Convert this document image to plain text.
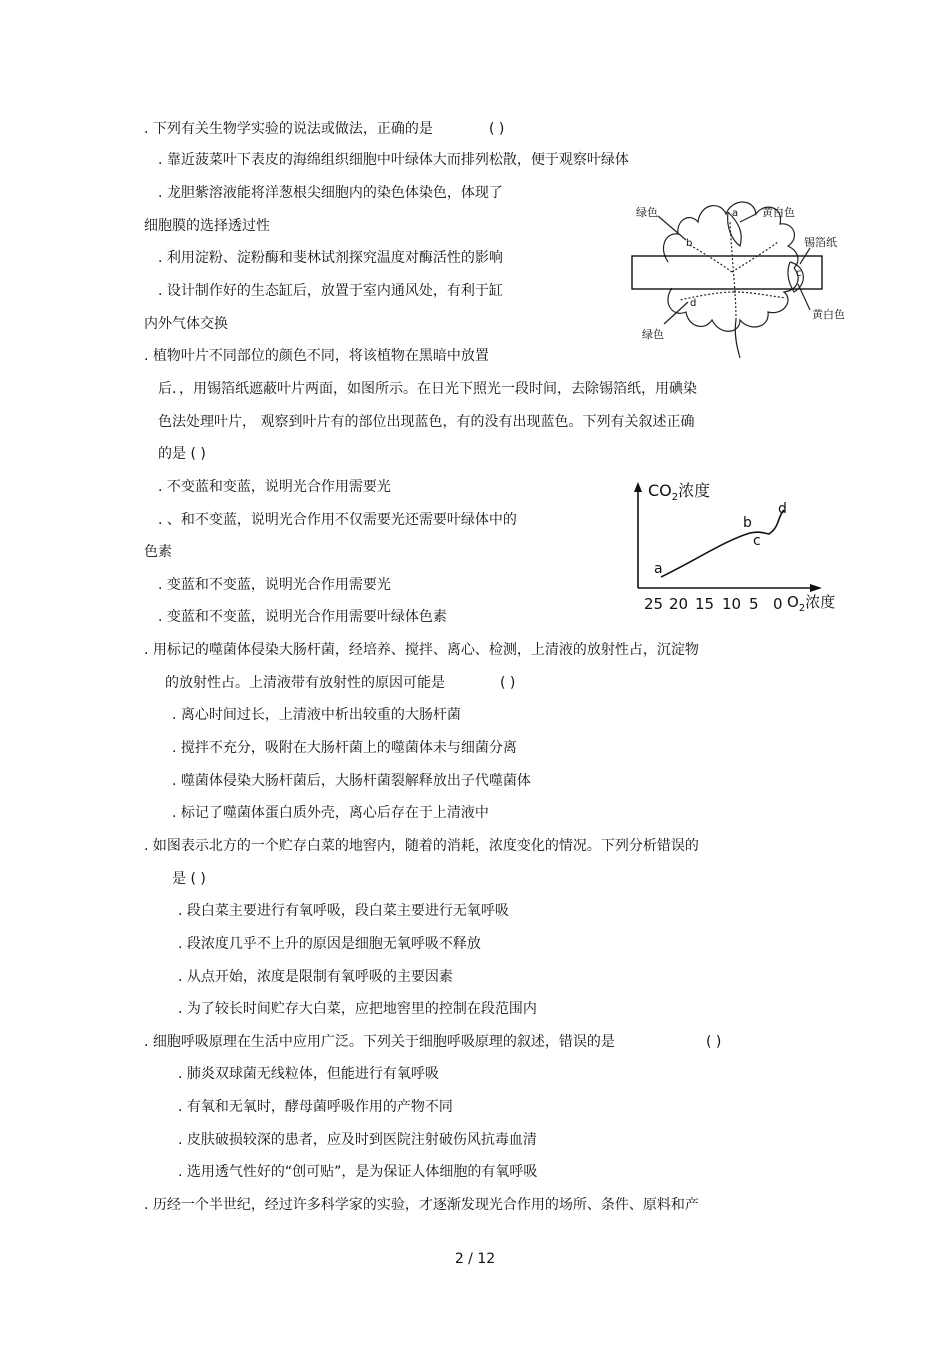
. 下列有关生物学实验的说法或做法，正确的是	( )
. 靠近菠菜叶下表皮的海绵组织细胞中叶绿体大而排列松散，便于观察叶绿体
. 龙胆紫溶液能将洋葱根尖细胞内的染色体染色，体现了
细胞膜的选择透过性
. 利用淀粉、淀粉酶和斐林试剂探究温度对酶活性的影响
. 设计制作好的生态缸后，放置于室内通风处，有利于缸
内外气体交换
. 植物叶片不同部位的颜色不同，将该植物在黑暗中放置
后．，用锡箔纸遮蔽叶片两面，如图所示。在日光下照光一段时间，去除锡箔纸，用碘染
色法处理叶片， 观察到叶片有的部位出现蓝色，有的没有出现蓝色。下列有关叙述正确
的是 ( )
. 不变蓝和变蓝，说明光合作用需要光
. 、和不变蓝，说明光合作用不仅需要光还需要叶绿体中的
色素
. 变蓝和不变蓝，说明光合作用需要光
. 变蓝和不变蓝，说明光合作用需要叶绿体色素
. 用标记的噬菌体侵染大肠杆菌，经培养、搅拌、离心、检测，上清液的放射性占，沉淀物
的放射性占。上清液带有放射性的原因可能是	( )
. 离心时间过长，上清液中析出较重的大肠杆菌
. 搅拌不充分，吸附在大肠杆菌上的噬菌体未与细菌分离
. 噬菌体侵染大肠杆菌后，大肠杆菌裂解释放出子代噬菌体
. 标记了噬菌体蛋白质外壳，离心后存在于上清液中
. 如图表示北方的一个贮存白菜的地窖内，随着的消耗，浓度变化的情况。下列分析错误的
是 ( )
. 段白菜主要进行有氧呼吸，段白菜主要进行无氧呼吸
. 段浓度几乎不上升的原因是细胞无氧呼吸不释放
. 从点开始，浓度是限制有氧呼吸的主要因素
. 为了较长时间贮存大白菜，应把地窖里的控制在段范围内
. 细胞呼吸原理在生活中应用广泛。下列关于细胞呼吸原理的叙述，错误的是	( )
. 肺炎双球菌无线粒体，但能进行有氧呼吸
. 有氧和无氧时，酵母菌呼吸作用的产物不同
. 皮肤破损较深的患者，应及时到医院注射破伤风抗毒血清
. 选用透气性好的“创可贴”，是为保证人体细胞的有氧呼吸
. 历经一个半世纪，经过许多科学家的实验，才逐渐发现光合作用的场所、条件、原料和产
绿色	黄白色
锡箔纸
黄白色
绿色
a
b
c
d
$CO_2$浓度
$O_2$浓度
25 20 15 10 5 0
a
b
c
d
2 / 12
